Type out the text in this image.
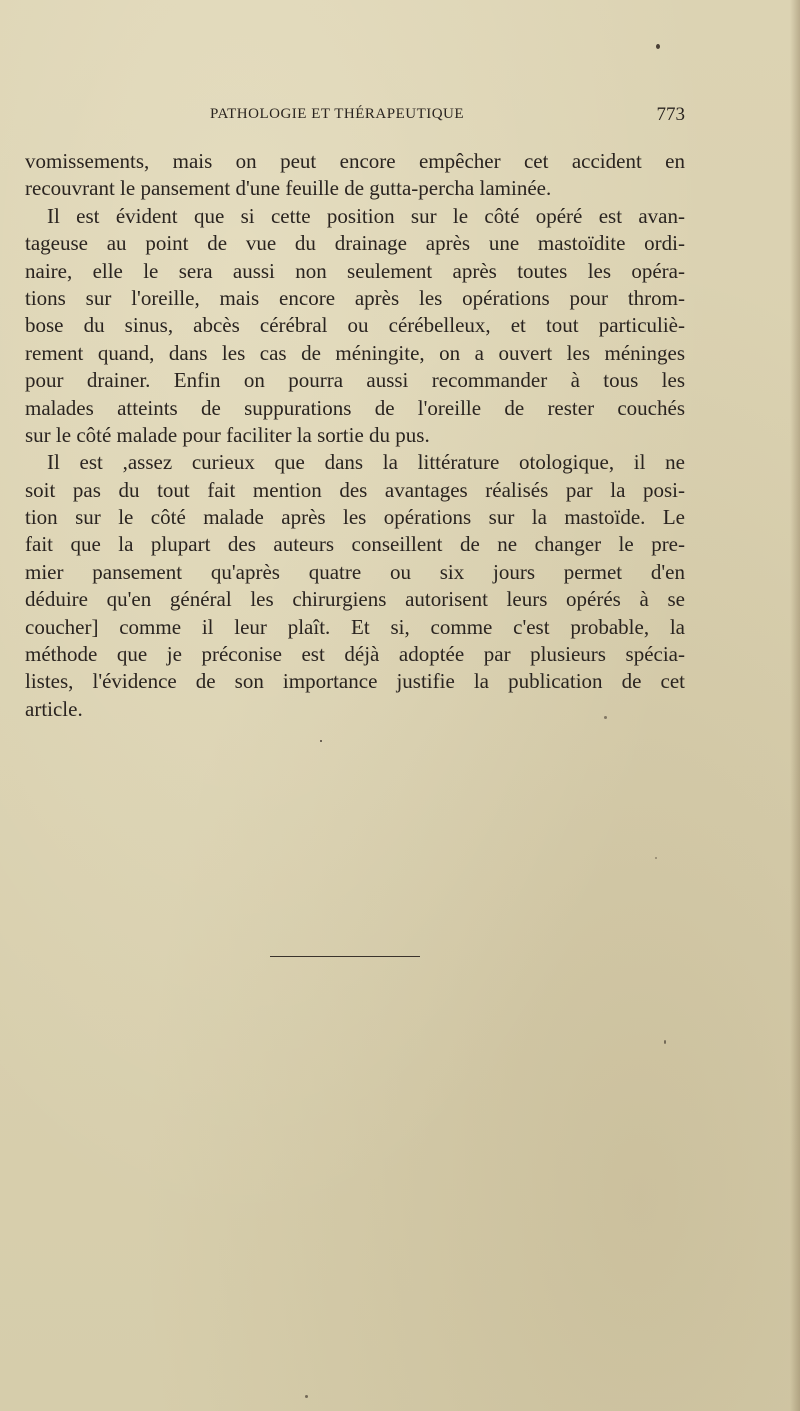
PATHOLOGIE ET THÉRAPEUTIQUE	773
vomissements, mais on peut encore empêcher cet accident en
recouvrant le pansement d'une feuille de gutta-percha laminée.
Il est évident que si cette position sur le côté opéré est avan-
tageuse au point de vue du drainage après une mastoïdite ordi-
naire, elle le sera aussi non seulement après toutes les opéra-
tions sur l'oreille, mais encore après les opérations pour throm-
bose du sinus, abcès cérébral ou cérébelleux, et tout particuliè-
rement quand, dans les cas de méningite, on a ouvert les méninges
pour drainer. Enfin on pourra aussi recommander à tous les
malades atteints de suppurations de l'oreille de rester couchés
sur le côté malade pour faciliter la sortie du pus.
Il est ,assez curieux que dans la littérature otologique, il ne
soit pas du tout fait mention des avantages réalisés par la posi-
tion sur le côté malade après les opérations sur la mastoïde. Le
fait que la plupart des auteurs conseillent de ne changer le pre-
mier pansement qu'après quatre ou six jours permet d'en
déduire qu'en général les chirurgiens autorisent leurs opérés à se
coucher] comme il leur plaît. Et si, comme c'est probable, la
méthode que je préconise est déjà adoptée par plusieurs spécia-
listes, l'évidence de son importance justifie la publication de cet
article.
